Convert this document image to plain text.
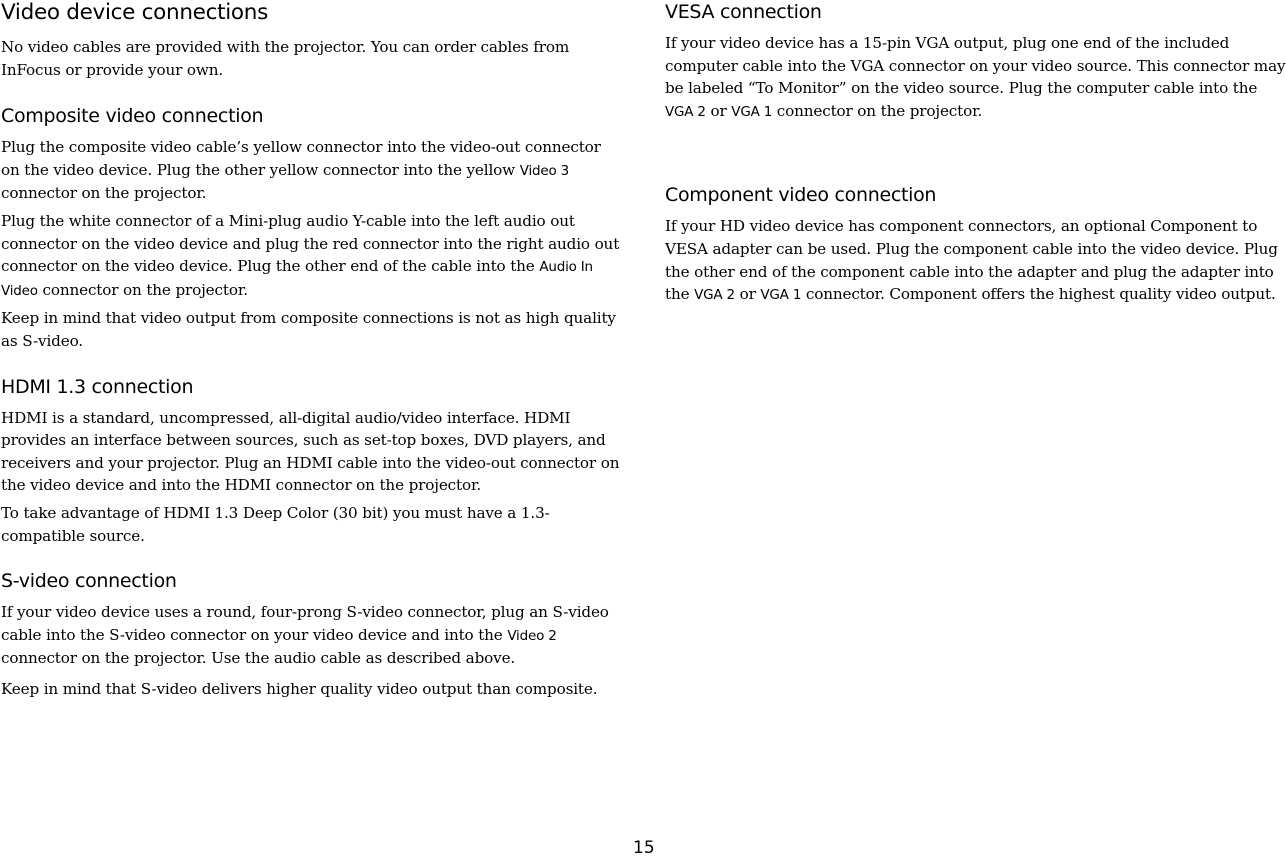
Video device connections

No video cables are provided with the projector. You can order cables from InFocus or provide your own.

Composite video connection

Plug the composite video cable’s yellow connector into the video-out connector on the video device. Plug the other yellow connector into the yellow Video 3 connector on the projector.

Plug the white connector of a Mini-plug audio Y-cable into the left audio out connector on the video device and plug the red connector into the right audio out connector on the video device. Plug the other end of the cable into the Audio In Video connector on the projector.

Keep in mind that video output from composite connections is not as high quality as S-video.

HDMI 1.3 connection

HDMI is a standard, uncompressed, all-digital audio/video interface. HDMI provides an interface between sources, such as set-top boxes, DVD players, and receivers and your projector. Plug an HDMI cable into the video-out connector on the video device and into the HDMI connector on the projector.

To take advantage of HDMI 1.3 Deep Color (30 bit) you must have a 1.3-compatible source.

S-video connection

If your video device uses a round, four-prong S-video connector, plug an S-video cable into the S-video connector on your video device and into the Video 2 connector on the projector. Use the audio cable as described above.

Keep in mind that S-video delivers higher quality video output than composite.

VESA connection

If your video device has a 15-pin VGA output, plug one end of the included computer cable into the VGA connector on your video source. This connector may be labeled “To Monitor” on the video source. Plug the computer cable into the VGA 2 or VGA 1 connector on the projector.

Component video connection

If your HD video device has component connectors, an optional Component to VESA adapter can be used. Plug the component cable into the video device. Plug the other end of the component cable into the adapter and plug the adapter into the VGA 2 or VGA 1 connector. Component offers the highest quality video output.

15
